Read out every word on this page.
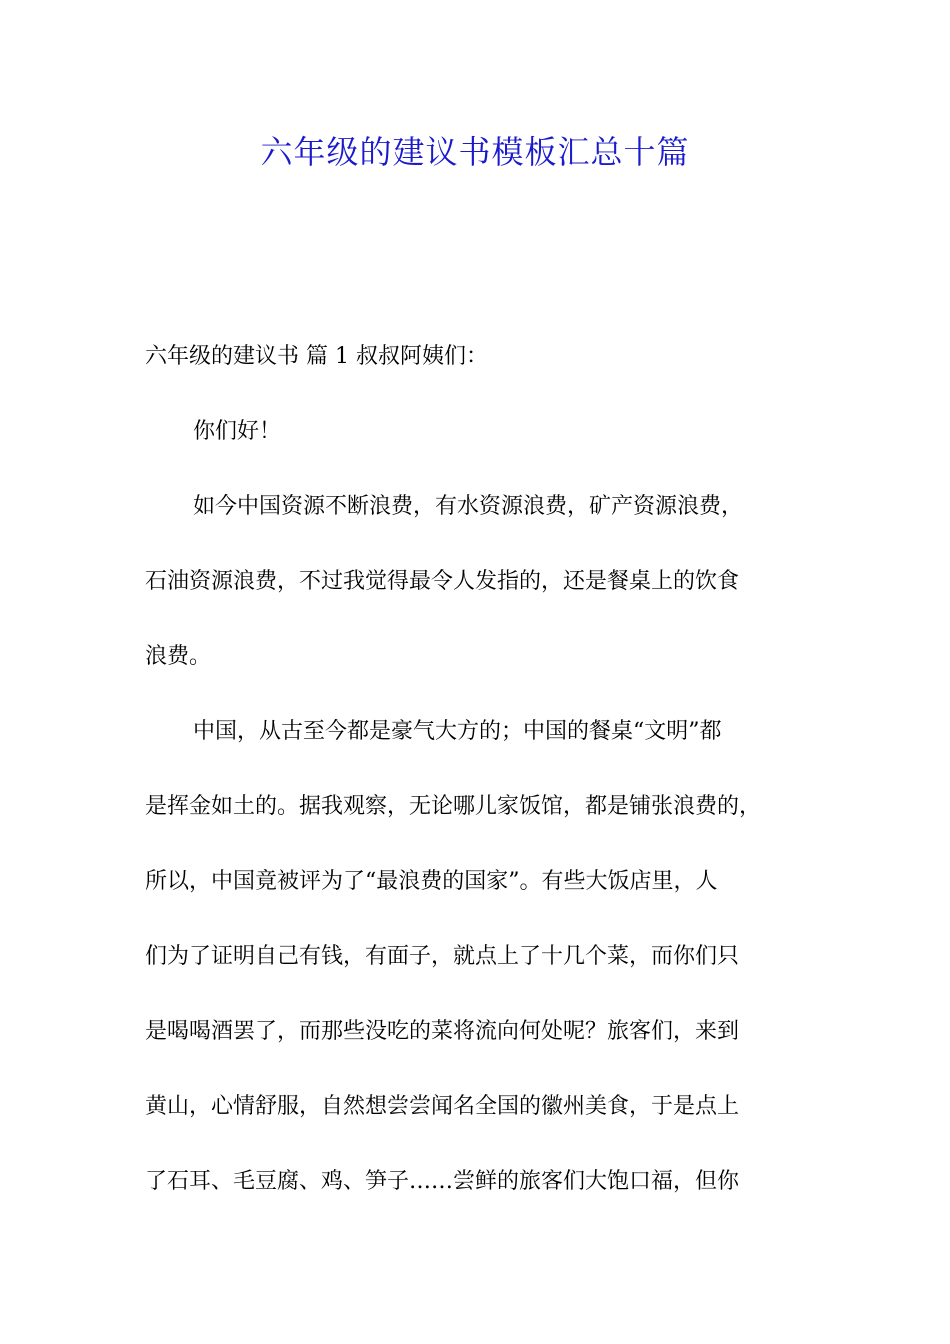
六年级的建议书模板汇总十篇
六年级的建议书 篇 1 叔叔阿姨们：
你们好！
如今中国资源不断浪费，有水资源浪费，矿产资源浪费，
石油资源浪费，不过我觉得最令人发指的，还是餐桌上的饮食
浪费。
中国，从古至今都是豪气大方的；中国的餐桌“文明”都
是挥金如土的。据我观察，无论哪儿家饭馆，都是铺张浪费的，
所以，中国竟被评为了“最浪费的国家”。有些大饭店里，人
们为了证明自己有钱，有面子，就点上了十几个菜，而你们只
是喝喝酒罢了，而那些没吃的菜将流向何处呢？旅客们，来到
黄山，心情舒服，自然想尝尝闻名全国的徽州美食，于是点上
了石耳、毛豆腐、鸡、笋子……尝鲜的旅客们大饱口福，但你
